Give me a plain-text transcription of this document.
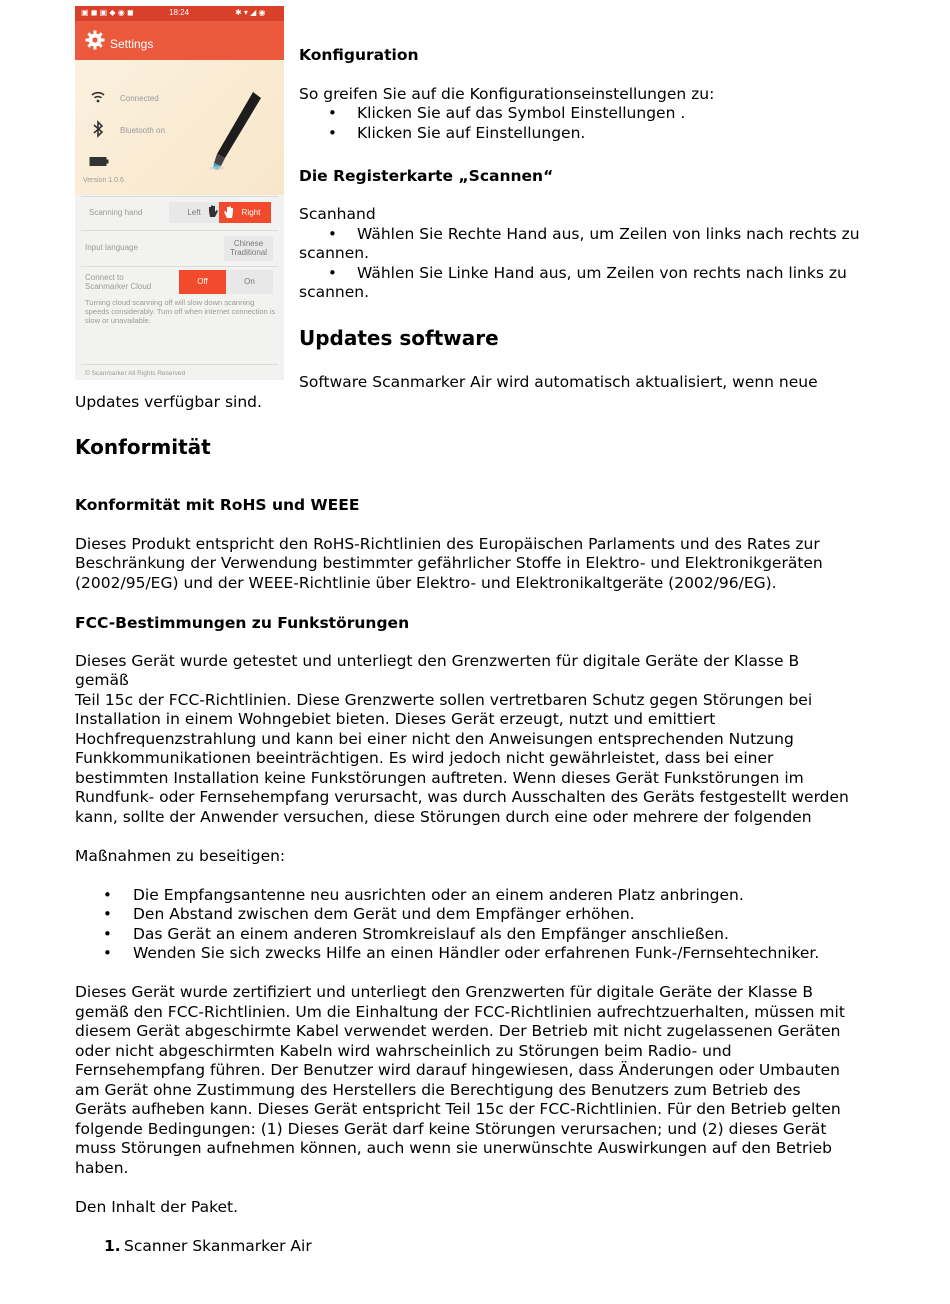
▣ ◼ ▣ ◆ ◉ ◼	18:24	✱ ▾ ◢ ◉
Settings
Connected
Bluetooth on
Version 1.0.6
Scanning hand	Left	Right
Input language	Chinese
Traditional
Connect to
Scanmarker Cloud
Off	On
Turning cloud scanning off will slow down scanning speeds considerably. Turn off when internet connection is slow or unavailable.
© Scanmarker All Rights Reserved
Konfiguration
So greifen Sie auf die Konfigurationseinstellungen zu:
• Klicken Sie auf das Symbol Einstellungen .
• Klicken Sie auf Einstellungen.
Die Registerkarte „Scannen“
Scanhand
• Wählen Sie Rechte Hand aus, um Zeilen von links nach rechts zu
scannen.
• Wählen Sie Linke Hand aus, um Zeilen von rechts nach links zu
scannen.
Updates software
Software Scanmarker Air wird automatisch aktualisiert, wenn neue
Updates verfügbar sind.
Konformität
Konformität mit RoHS und WEEE
Dieses Produkt entspricht den RoHS-Richtlinien des Europäischen Parlaments und des Rates zur
Beschränkung der Verwendung bestimmter gefährlicher Stoffe in Elektro- und Elektronikgeräten
(2002/95/EG) und der WEEE-Richtlinie über Elektro- und Elektronikaltgeräte (2002/96/EG).
FCC-Bestimmungen zu Funkstörungen
Dieses Gerät wurde getestet und unterliegt den Grenzwerten für digitale Geräte der Klasse B
gemäß
Teil 15c der FCC-Richtlinien. Diese Grenzwerte sollen vertretbaren Schutz gegen Störungen bei
Installation in einem Wohngebiet bieten. Dieses Gerät erzeugt, nutzt und emittiert
Hochfrequenzstrahlung und kann bei einer nicht den Anweisungen entsprechenden Nutzung
Funkkommunikationen beeinträchtigen. Es wird jedoch nicht gewährleistet, dass bei einer
bestimmten Installation keine Funkstörungen auftreten. Wenn dieses Gerät Funkstörungen im
Rundfunk- oder Fernsehempfang verursacht, was durch Ausschalten des Geräts festgestellt werden
kann, sollte der Anwender versuchen, diese Störungen durch eine oder mehrere der folgenden
Maßnahmen zu beseitigen:
• Die Empfangsantenne neu ausrichten oder an einem anderen Platz anbringen.
• Den Abstand zwischen dem Gerät und dem Empfänger erhöhen.
• Das Gerät an einem anderen Stromkreislauf als den Empfänger anschließen.
• Wenden Sie sich zwecks Hilfe an einen Händler oder erfahrenen Funk-/Fernsehtechniker.
Dieses Gerät wurde zertifiziert und unterliegt den Grenzwerten für digitale Geräte der Klasse B
gemäß den FCC-Richtlinien. Um die Einhaltung der FCC-Richtlinien aufrechtzuerhalten, müssen mit
diesem Gerät abgeschirmte Kabel verwendet werden. Der Betrieb mit nicht zugelassenen Geräten
oder nicht abgeschirmten Kabeln wird wahrscheinlich zu Störungen beim Radio- und
Fernsehempfang führen. Der Benutzer wird darauf hingewiesen, dass Änderungen oder Umbauten
am Gerät ohne Zustimmung des Herstellers die Berechtigung des Benutzers zum Betrieb des
Geräts aufheben kann. Dieses Gerät entspricht Teil 15c der FCC-Richtlinien. Für den Betrieb gelten
folgende Bedingungen: (1) Dieses Gerät darf keine Störungen verursachen; und (2) dieses Gerät
muss Störungen aufnehmen können, auch wenn sie unerwünschte Auswirkungen auf den Betrieb
haben.
Den Inhalt der Paket.
1. Scanner Skanmarker Air
